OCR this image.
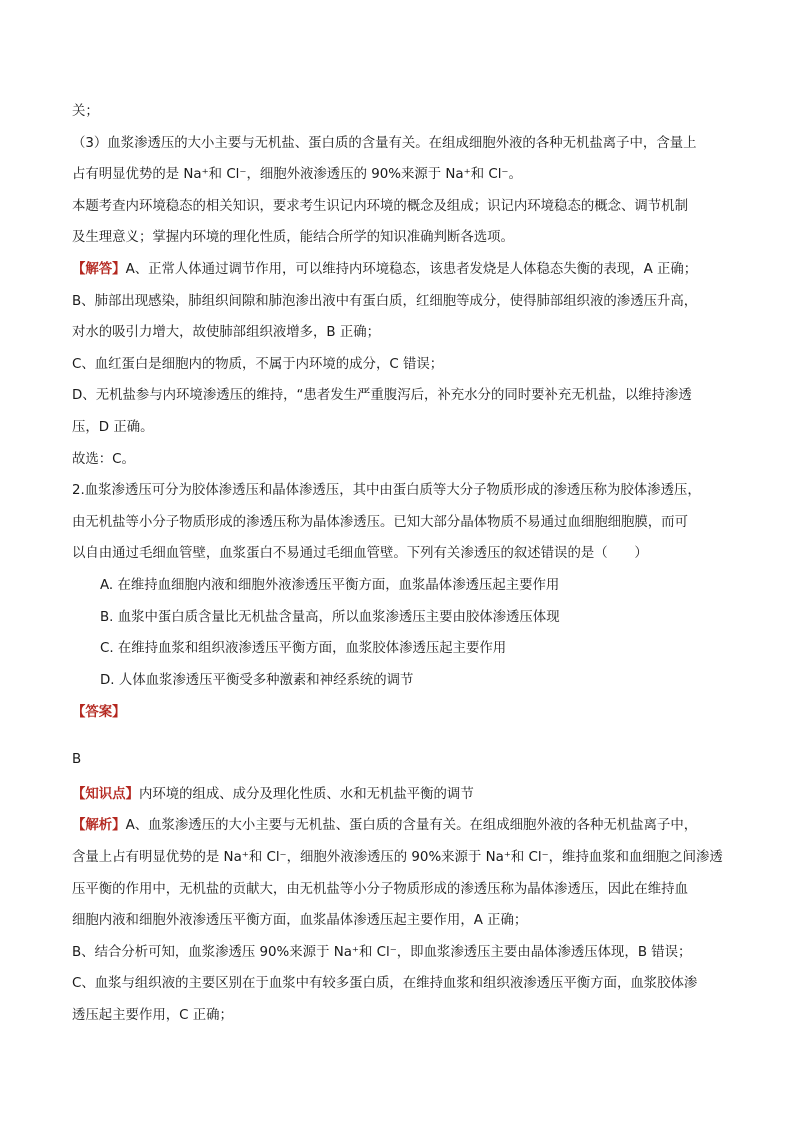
关；
（3）血浆渗透压的大小主要与无机盐、蛋白质的含量有关。在组成细胞外液的各种无机盐离子中，含量上
占有明显优势的是 Na⁺和 Cl⁻，细胞外液渗透压的 90%来源于 Na⁺和 Cl⁻。
本题考查内环境稳态的相关知识，要求考生识记内环境的概念及组成；识记内环境稳态的概念、调节机制
及生理意义；掌握内环境的理化性质，能结合所学的知识准确判断各选项。
【解答】A、正常人体通过调节作用，可以维持内环境稳态，该患者发烧是人体稳态失衡的表现，A 正确；
B、肺部出现感染，肺组织间隙和肺泡渗出液中有蛋白质，红细胞等成分，使得肺部组织液的渗透压升高，
对水的吸引力增大，故使肺部组织液增多，B 正确；
C、血红蛋白是细胞内的物质，不属于内环境的成分，C 错误；
D、无机盐参与内环境渗透压的维持，“患者发生严重腹泻后，补充水分的同时要补充无机盐，以维持渗透
压，D 正确。
故选：C。
2.血浆渗透压可分为胶体渗透压和晶体渗透压，其中由蛋白质等大分子物质形成的渗透压称为胶体渗透压，
由无机盐等小分子物质形成的渗透压称为晶体渗透压。已知大部分晶体物质不易通过血细胞细胞膜，而可
以自由通过毛细血管壁，血浆蛋白不易通过毛细血管壁。下列有关渗透压的叙述错误的是（　　）
A. 在维持血细胞内液和细胞外液渗透压平衡方面，血浆晶体渗透压起主要作用
B. 血浆中蛋白质含量比无机盐含量高，所以血浆渗透压主要由胶体渗透压体现
C. 在维持血浆和组织液渗透压平衡方面，血浆胶体渗透压起主要作用
D. 人体血浆渗透压平衡受多种激素和神经系统的调节
【答案】
B
【知识点】内环境的组成、成分及理化性质、水和无机盐平衡的调节
【解析】A、血浆渗透压的大小主要与无机盐、蛋白质的含量有关。在组成细胞外液的各种无机盐离子中，
含量上占有明显优势的是 Na⁺和 Cl⁻，细胞外液渗透压的 90%来源于 Na⁺和 Cl⁻，维持血浆和血细胞之间渗透
压平衡的作用中，无机盐的贡献大，由无机盐等小分子物质形成的渗透压称为晶体渗透压，因此在维持血
细胞内液和细胞外液渗透压平衡方面，血浆晶体渗透压起主要作用，A 正确；
B、结合分析可知，血浆渗透压 90%来源于 Na⁺和 Cl⁻，即血浆渗透压主要由晶体渗透压体现，B 错误；
C、血浆与组织液的主要区别在于血浆中有较多蛋白质，在维持血浆和组织液渗透压平衡方面，血浆胶体渗
透压起主要作用，C 正确；
